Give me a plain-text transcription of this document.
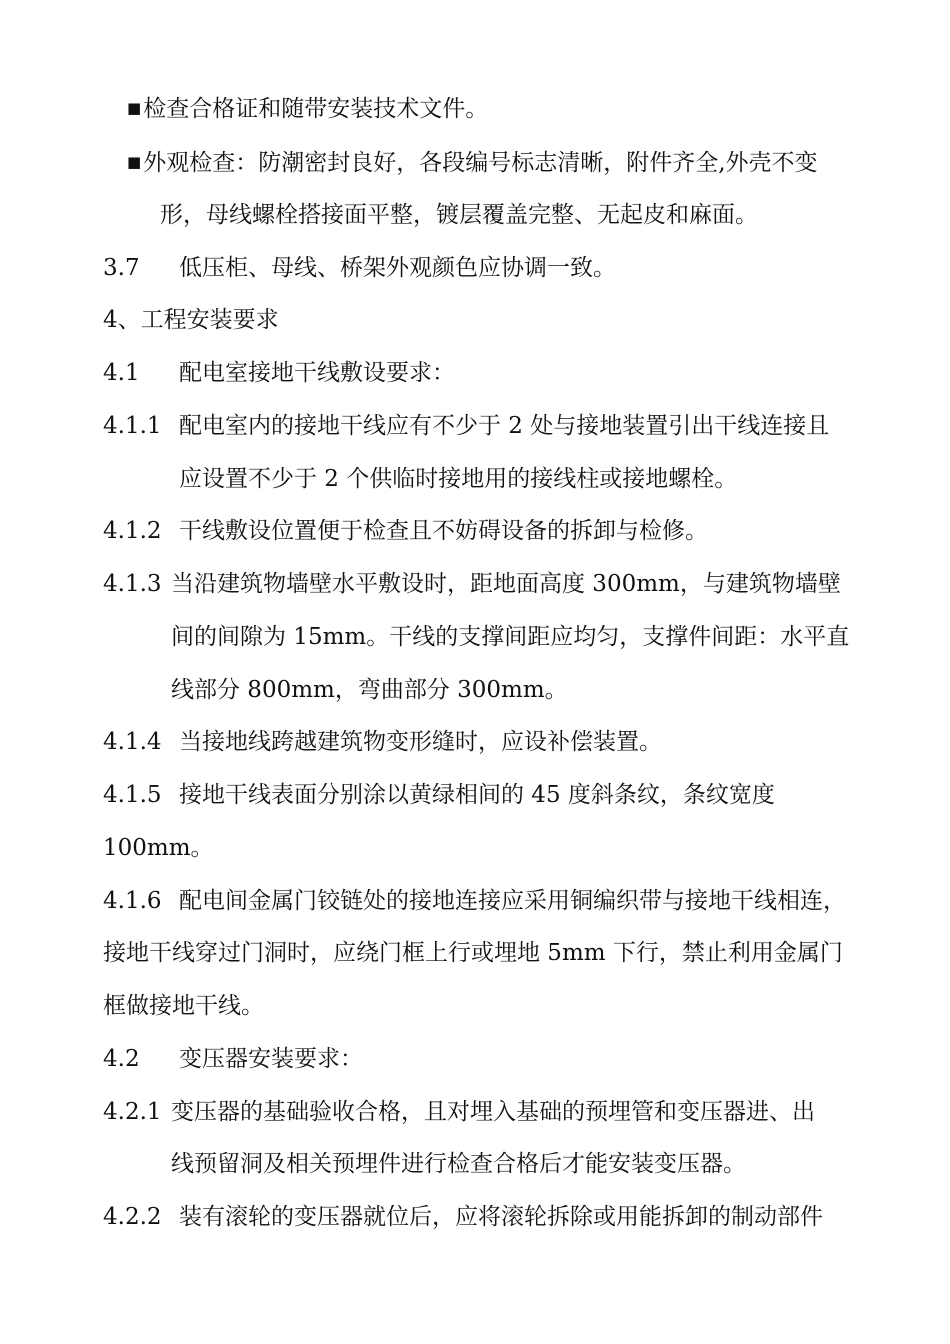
■检查合格证和随带安装技术文件。
■外观检查：防潮密封良好，各段编号标志清晰，附件齐全,外壳不变
形，母线螺栓搭接面平整，镀层覆盖完整、无起皮和麻面。
3.7 低压柜、母线、桥架外观颜色应协调一致。
4、工程安装要求
4.1 配电室接地干线敷设要求：
4.1.1 配电室内的接地干线应有不少于 2 处与接地装置引出干线连接且
应设置不少于 2 个供临时接地用的接线柱或接地螺栓。
4.1.2 干线敷设位置便于检查且不妨碍设备的拆卸与检修。
4.1.3 当沿建筑物墙壁水平敷设时，距地面高度 300mm，与建筑物墙壁
间的间隙为 15mm。干线的支撑间距应均匀，支撑件间距：水平直
线部分 800mm，弯曲部分 300mm。
4.1.4 当接地线跨越建筑物变形缝时，应设补偿装置。
4.1.5 接地干线表面分别涂以黄绿相间的 45 度斜条纹，条纹宽度
100mm。
4.1.6 配电间金属门铰链处的接地连接应采用铜编织带与接地干线相连，
接地干线穿过门洞时，应绕门框上行或埋地 5mm 下行，禁止利用金属门
框做接地干线。
4.2 变压器安装要求：
4.2.1 变压器的基础验收合格，且对埋入基础的预埋管和变压器进、出
线预留洞及相关预埋件进行检查合格后才能安装变压器。
4.2.2 装有滚轮的变压器就位后，应将滚轮拆除或用能拆卸的制动部件
